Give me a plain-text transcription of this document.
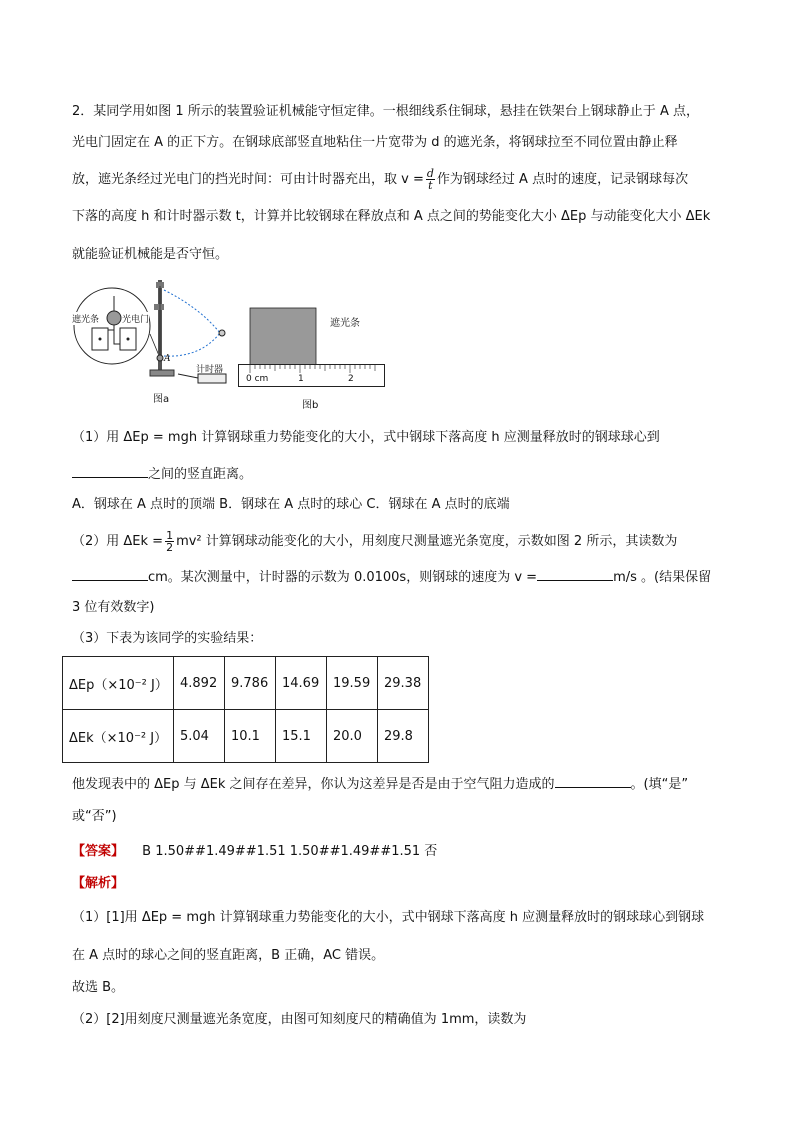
2．某同学用如图 1 所示的装置验证机械能守恒定律。一根细线系住铜球，悬挂在铁架台上钢球静止于 A 点，
光电门固定在 A 的正下方。在钢球底部竖直地粘住一片宽带为 d 的遮光条，将钢球拉至不同位置由静止释
放，遮光条经过光电门的挡光时间：可由计时器充出，取 $v = \frac{d}{t}$ 作为钢球经过 A 点时的速度，记录钢球每次
下落的高度 h 和计时器示数 t，计算并比较钢球在释放点和 A 点之间的势能变化大小 ΔEp 与动能变化大小 ΔEk
就能验证机械能是否守恒。
遮光条	光电门
A
计时器
图a
遮光条
0 cm	1	2
图b
（1）用 ΔEp = mgh 计算钢球重力势能变化的大小，式中钢球下落高度 h 应测量释放时的钢球球心到
之间的竖直距离。
A．钢球在 A 点时的顶端 B．钢球在 A 点时的球心 C．钢球在 A 点时的底端
（2）用 $\Delta Ek = \frac{1}{2} mv^2$ 计算钢球动能变化的大小，用刻度尺测量遮光条宽度，示数如图 2 所示，其读数为
cm。某次测量中，计时器的示数为 0.0100s，则钢球的速度为 v =	m/s 。(结果保留
3 位有效数字)
（3）下表为该同学的实验结果：
ΔEp（×10⁻² J）	4.892	9.786	14.69	19.59	29.38
ΔEk（×10⁻² J）	5.04	10.1	15.1	20.0	29.8
他发现表中的 ΔEp 与 ΔEk 之间存在差异，你认为这差异是否是由于空气阻力造成的	。(填“是”
或“否”)
【答案】 B 1.50##1.49##1.51 1.50##1.49##1.51 否
【解析】
（1）[1]用 ΔEp = mgh 计算钢球重力势能变化的大小，式中钢球下落高度 h 应测量释放时的钢球球心到钢球
在 A 点时的球心之间的竖直距离，B 正确，AC 错误。
故选 B。
（2）[2]用刻度尺测量遮光条宽度，由图可知刻度尺的精确值为 1mm，读数为
